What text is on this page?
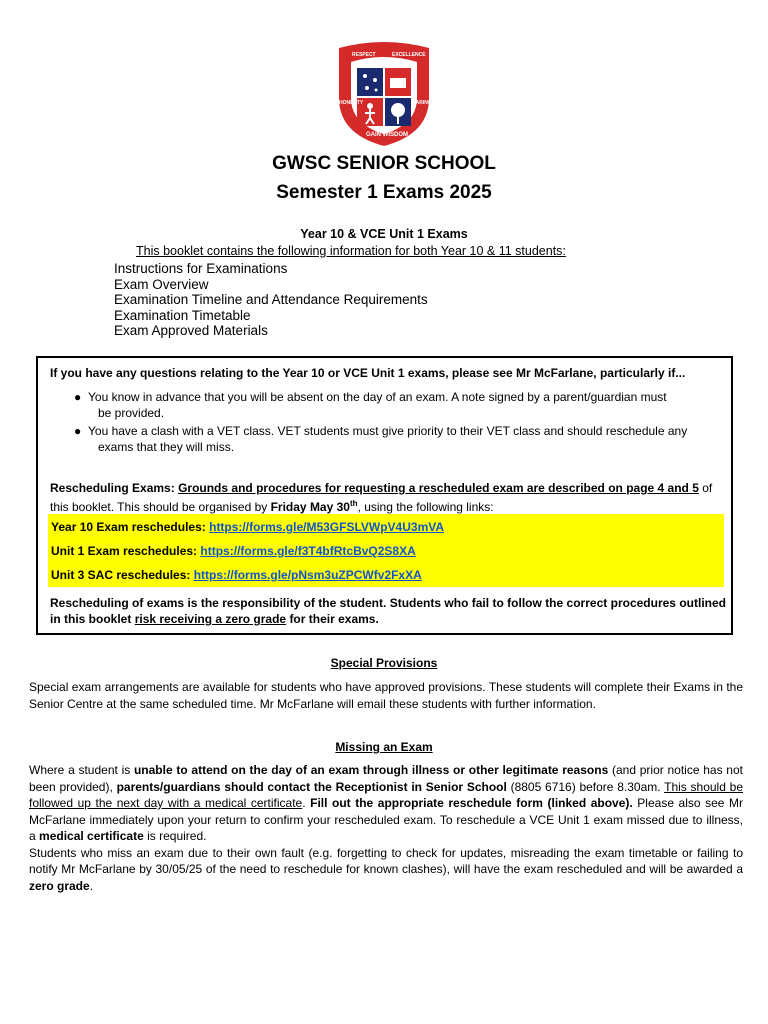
RESPECT	EXCELLENCE
HONESTY	CARING
GAIN WISDOM
GWSC SENIOR SCHOOL
Semester 1 Exams 2025
Year 10 & VCE Unit 1 Exams
This booklet contains the following information for both Year 10 & 11 students:
Instructions for Examinations
Exam Overview
Examination Timeline and Attendance Requirements
Examination Timetable
Exam Approved Materials
If you have any questions relating to the Year 10 or VCE Unit 1 exams, please see Mr McFarlane, particularly if...
● You know in advance that you will be absent on the day of an exam. A note signed by a parent/guardian must
be provided.
● You have a clash with a VET class. VET students must give priority to their VET class and should reschedule any
exams that they will miss.
Rescheduling Exams: Grounds and procedures for requesting a rescheduled exam are described on page 4 and 5 of
this booklet. This should be organised by Friday May 30th, using the following links:
Year 10 Exam reschedules: https://forms.gle/M53GFSLVWpV4U3mVA
Unit 1 Exam reschedules: https://forms.gle/f3T4bfRtcBvQ2S8XA
Unit 3 SAC reschedules: https://forms.gle/pNsm3uZPCWfv2FxXA
Rescheduling of exams is the responsibility of the student. Students who fail to follow the correct procedures outlined in this booklet risk receiving a zero grade for their exams.
Special Provisions

Special exam arrangements are available for students who have approved provisions. These students will complete their Exams in the Senior Centre at the same scheduled time. Mr McFarlane will email these students with further information.

Missing an Exam

Where a student is unable to attend on the day of an exam through illness or other legitimate reasons (and prior notice has not been provided), parents/guardians should contact the Receptionist in Senior School (8805 6716) before 8.30am. This should be followed up the next day with a medical certificate. Fill out the appropriate reschedule form (linked above). Please also see Mr McFarlane immediately upon your return to confirm your rescheduled exam. To reschedule a VCE Unit 1 exam missed due to illness, a medical certificate is required.
Students who miss an exam due to their own fault (e.g. forgetting to check for updates, misreading the exam timetable or failing to notify Mr McFarlane by 30/05/25 of the need to reschedule for known clashes), will have the exam rescheduled and will be awarded a zero grade.
